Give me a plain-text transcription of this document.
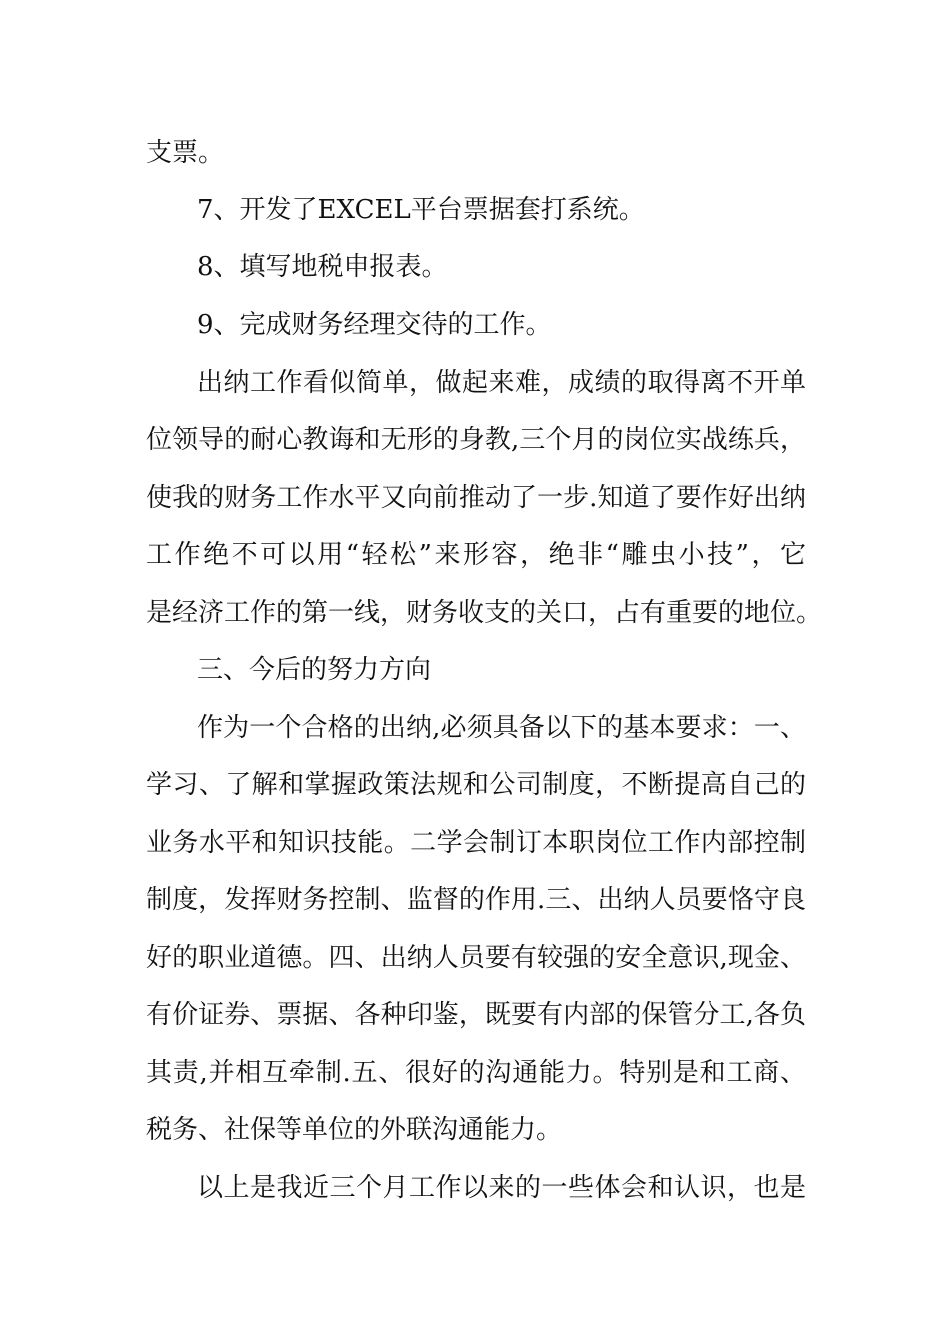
支票。
7、开发了EXCEL平台票据套打系统。
8、填写地税申报表。
9、完成财务经理交待的工作。
出纳工作看似简单，做起来难，成绩的取得离不开单
位领导的耐心教诲和无形的身教,三个月的岗位实战练兵，
使我的财务工作水平又向前推动了一步.知道了要作好出纳
工作绝不可以用“轻松”来形容，绝非“雕虫小技”，它
是经济工作的第一线，财务收支的关口，占有重要的地位。
三、今后的努力方向
作为一个合格的出纳,必须具备以下的基本要求：一、
学习、了解和掌握政策法规和公司制度，不断提高自己的
业务水平和知识技能。二学会制订本职岗位工作内部控制
制度，发挥财务控制、监督的作用.三、出纳人员要恪守良
好的职业道德。四、出纳人员要有较强的安全意识,现金、
有价证券、票据、各种印鉴，既要有内部的保管分工,各负
其责,并相互牵制.五、很好的沟通能力。特别是和工商、
税务、社保等单位的外联沟通能力。
以上是我近三个月工作以来的一些体会和认识，也是
